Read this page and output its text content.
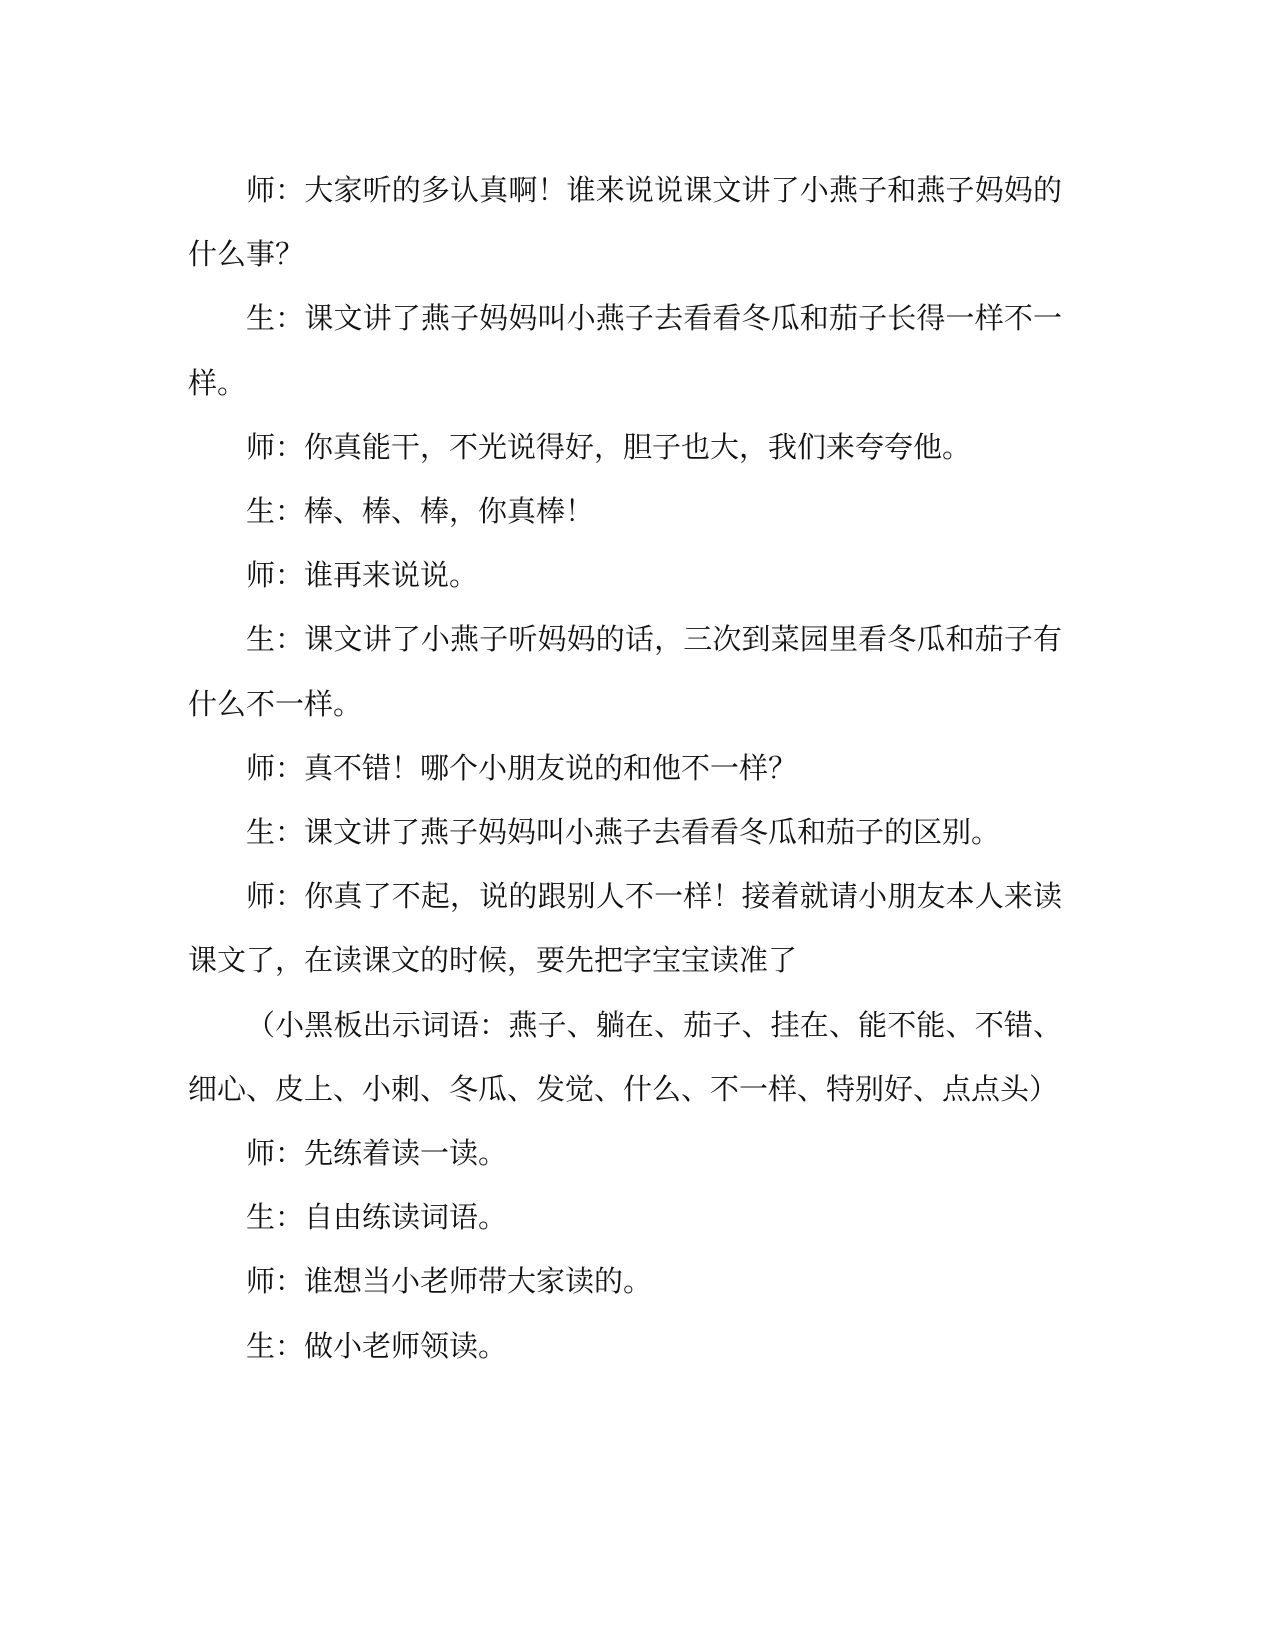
师：大家听的多认真啊！谁来说说课文讲了小燕子和燕子妈妈的什么事？

生：课文讲了燕子妈妈叫小燕子去看看冬瓜和茄子长得一样不一样。

师：你真能干，不光说得好，胆子也大，我们来夸夸他。

生：棒、棒、棒，你真棒！

师：谁再来说说。

生：课文讲了小燕子听妈妈的话，三次到菜园里看冬瓜和茄子有什么不一样。

师：真不错！哪个小朋友说的和他不一样？

生：课文讲了燕子妈妈叫小燕子去看看冬瓜和茄子的区别。

师：你真了不起，说的跟别人不一样！接着就请小朋友本人来读课文了，在读课文的时候，要先把字宝宝读准了

（小黑板出示词语：燕子、躺在、茄子、挂在、能不能、不错、细心、皮上、小刺、冬瓜、发觉、什么、不一样、特别好、点点头）

师：先练着读一读。

生：自由练读词语。

师：谁想当小老师带大家读的。

生：做小老师领读。
